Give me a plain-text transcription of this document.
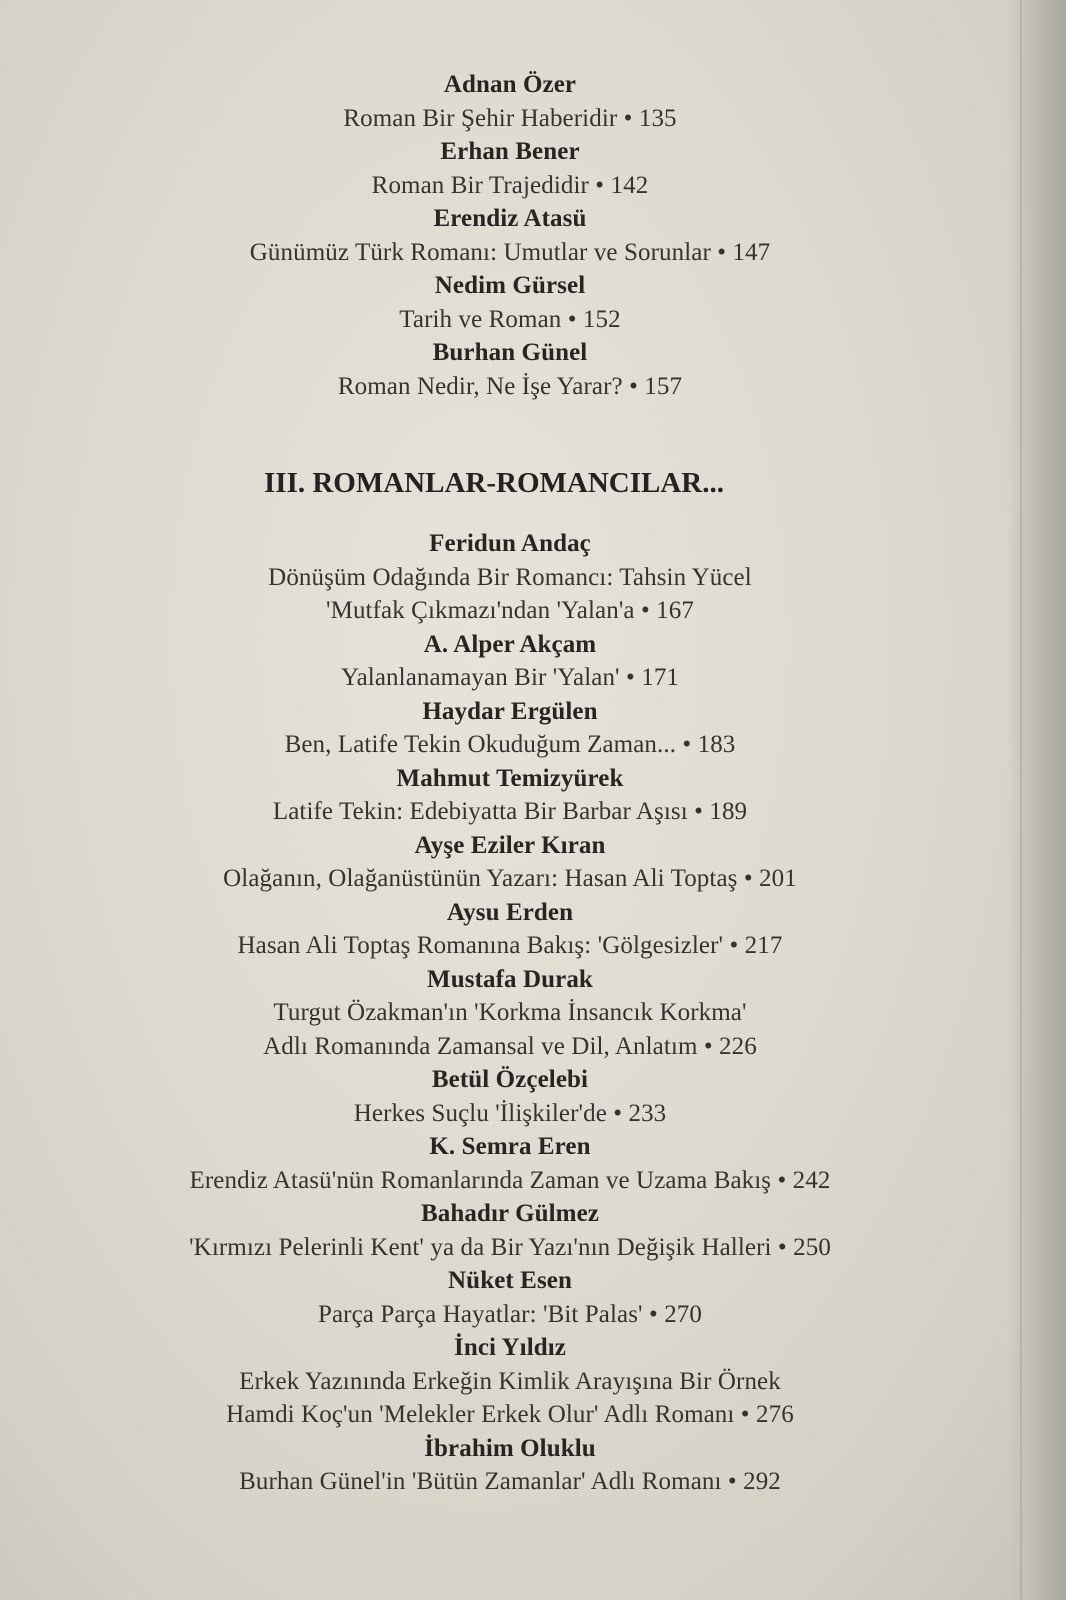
Adnan Özer
Roman Bir Şehir Haberidir • 135
Erhan Bener
Roman Bir Trajedidir • 142
Erendiz Atasü
Günümüz Türk Romanı: Umutlar ve Sorunlar • 147
Nedim Gürsel
Tarih ve Roman • 152
Burhan Günel
Roman Nedir, Ne İşe Yarar? • 157
III. ROMANLAR-ROMANCILAR...
Feridun Andaç
Dönüşüm Odağında Bir Romancı: Tahsin Yücel
'Mutfak Çıkmazı'ndan 'Yalan'a • 167
A. Alper Akçam
Yalanlanamayan Bir 'Yalan' • 171
Haydar Ergülen
Ben, Latife Tekin Okuduğum Zaman... • 183
Mahmut Temizyürek
Latife Tekin: Edebiyatta Bir Barbar Aşısı • 189
Ayşe Eziler Kıran
Olağanın, Olağanüstünün Yazarı: Hasan Ali Toptaş • 201
Aysu Erden
Hasan Ali Toptaş Romanına Bakış: 'Gölgesizler' • 217
Mustafa Durak
Turgut Özakman'ın 'Korkma İnsancık Korkma'
Adlı Romanında Zamansal ve Dil, Anlatım • 226
Betül Özçelebi
Herkes Suçlu 'İlişkiler'de • 233
K. Semra Eren
Erendiz Atasü'nün Romanlarında Zaman ve Uzama Bakış • 242
Bahadır Gülmez
'Kırmızı Pelerinli Kent' ya da Bir Yazı'nın Değişik Halleri • 250
Nüket Esen
Parça Parça Hayatlar: 'Bit Palas' • 270
İnci Yıldız
Erkek Yazınında Erkeğin Kimlik Arayışına Bir Örnek
Hamdi Koç'un 'Melekler Erkek Olur' Adlı Romanı • 276
İbrahim Oluklu
Burhan Günel'in 'Bütün Zamanlar' Adlı Romanı • 292
